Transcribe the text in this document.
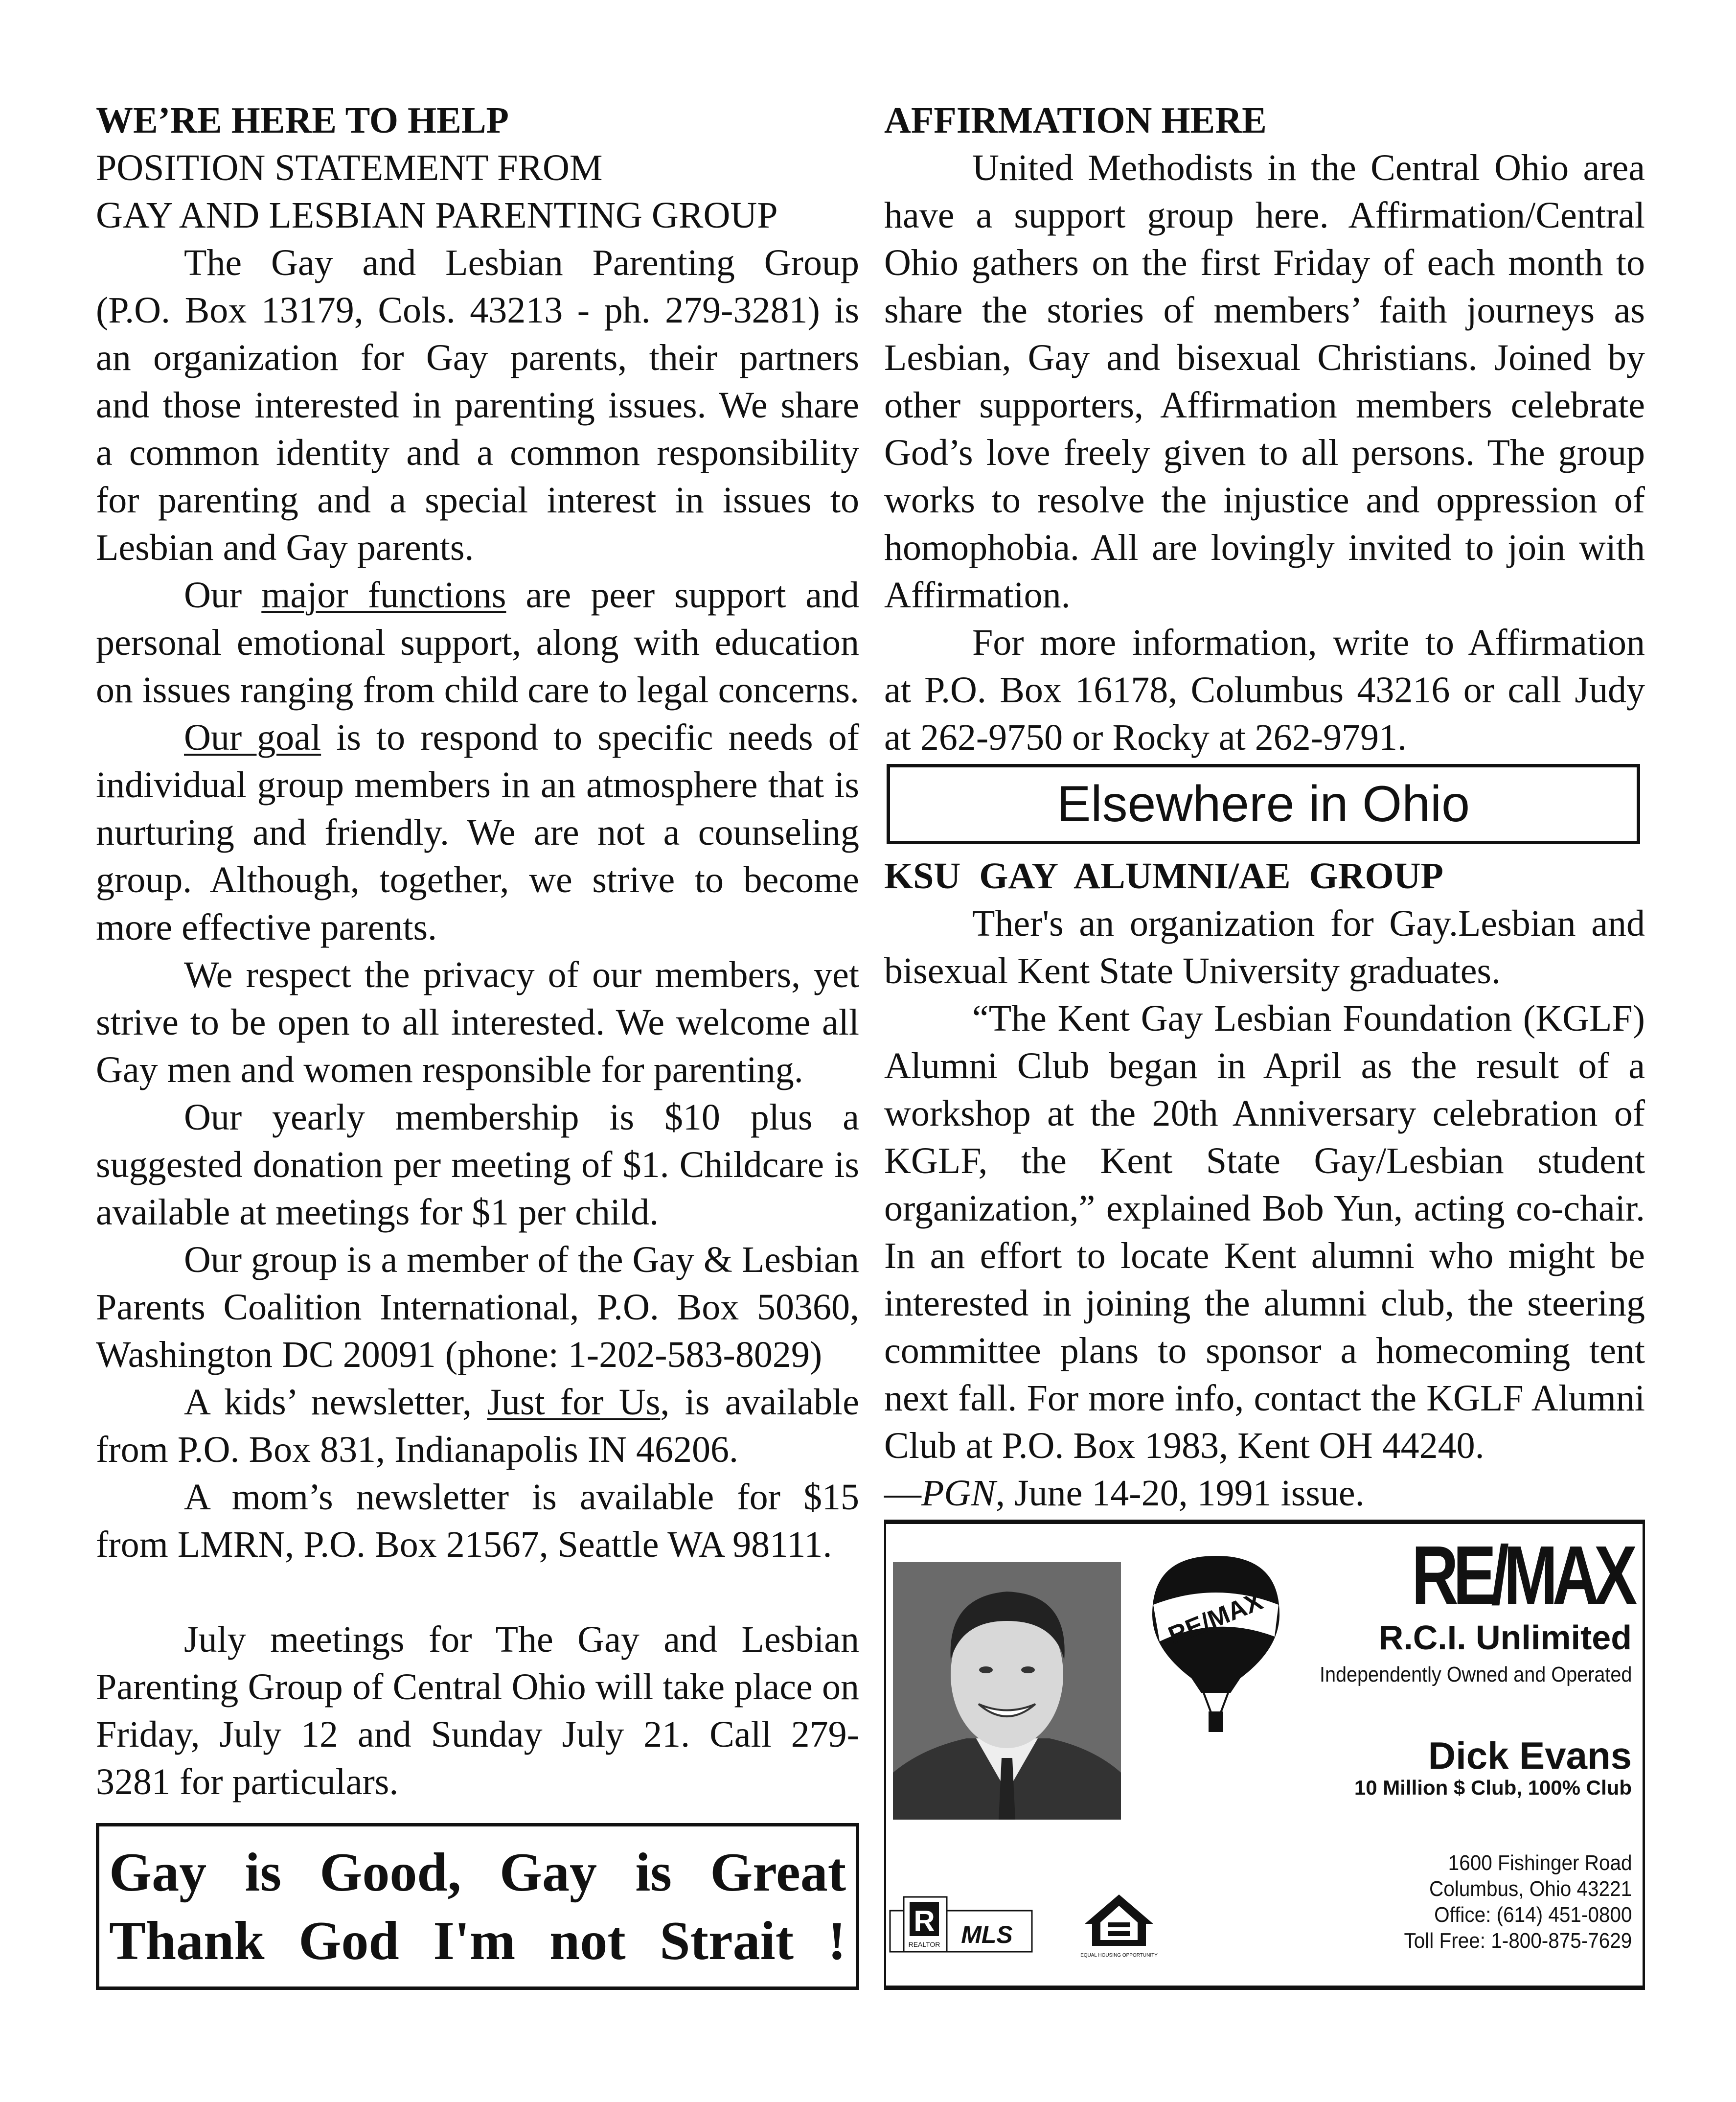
WE’RE HERE TO HELP
POSITION STATEMENT FROM
GAY AND LESBIAN PARENTING GROUP
The Gay and Lesbian Parenting Group
(P.O. Box 13179, Cols. 43213 - ph. 279-3281) is
an organization for Gay parents, their partners
and those interested in parenting issues. We share
a common identity and a common responsibility
for parenting and a special interest in issues to
Lesbian and Gay parents.
Our major functions are peer support and
personal emotional support, along with education
on issues ranging from child care to legal concerns.
Our goal is to respond to specific needs of
individual group members in an atmosphere that is
nurturing and friendly. We are not a counseling
group. Although, together, we strive to become
more effective parents.
We respect the privacy of our members, yet
strive to be open to all interested. We welcome all
Gay men and women responsible for parenting.
Our yearly membership is $10 plus a
suggested donation per meeting of $1. Childcare is
available at meetings for $1 per child.
Our group is a member of the Gay & Lesbian
Parents Coalition International, P.O. Box 50360,
Washington DC 20091 (phone: 1-202-583-8029)
A kids’ newsletter, Just for Us, is available
from P.O. Box 831, Indianapolis IN 46206.
A mom’s newsletter is available for $15
from LMRN, P.O. Box 21567, Seattle WA 98111.
July meetings for The Gay and Lesbian
Parenting Group of Central Ohio will take place on
Friday, July 12 and Sunday July 21. Call 279-
3281 for particulars.
Gay is Good, Gay is Great
Thank God I'm not Strait !
AFFIRMATION HERE
United Methodists in the Central Ohio area
have a support group here. Affirmation/Central
Ohio gathers on the first Friday of each month to
share the stories of members’ faith journeys as
Lesbian, Gay and bisexual Christians. Joined by
other supporters, Affirmation members celebrate
God’s love freely given to all persons. The group
works to resolve the injustice and oppression of
homophobia. All are lovingly invited to join with
Affirmation.
For more information, write to Affirmation
at P.O. Box 16178, Columbus 43216 or call Judy
at 262-9750 or Rocky at 262-9791.
Elsewhere in Ohio
KSU  GAY  ALUMNI/AE  GROUP
Ther's an organization for Gay.Lesbian and
bisexual Kent State University graduates.
“The Kent Gay Lesbian Foundation (KGLF)
Alumni Club began in April as the result of a
workshop at the 20th Anniversary celebration of
KGLF, the Kent State Gay/Lesbian student
organization,” explained Bob Yun, acting co-chair.
In an effort to locate Kent alumni who might be
interested in joining the alumni club, the steering
committee plans to sponsor a homecoming tent
next fall. For more info, contact the KGLF Alumni
Club at P.O. Box 1983, Kent OH 44240.
—PGN, June 14-20, 1991 issue.
RE/MAX RE/MAX
R.C.I. Unlimited
Independently Owned and Operated
Dick Evans
10 Million $ Club, 100% Club
1600 Fishinger Road
Columbus, Ohio 43221
Office: (614) 451-0800
Toll Free: 1-800-875-7629
R
REALTOR MLS
EQUAL HOUSING OPPORTUNITY
